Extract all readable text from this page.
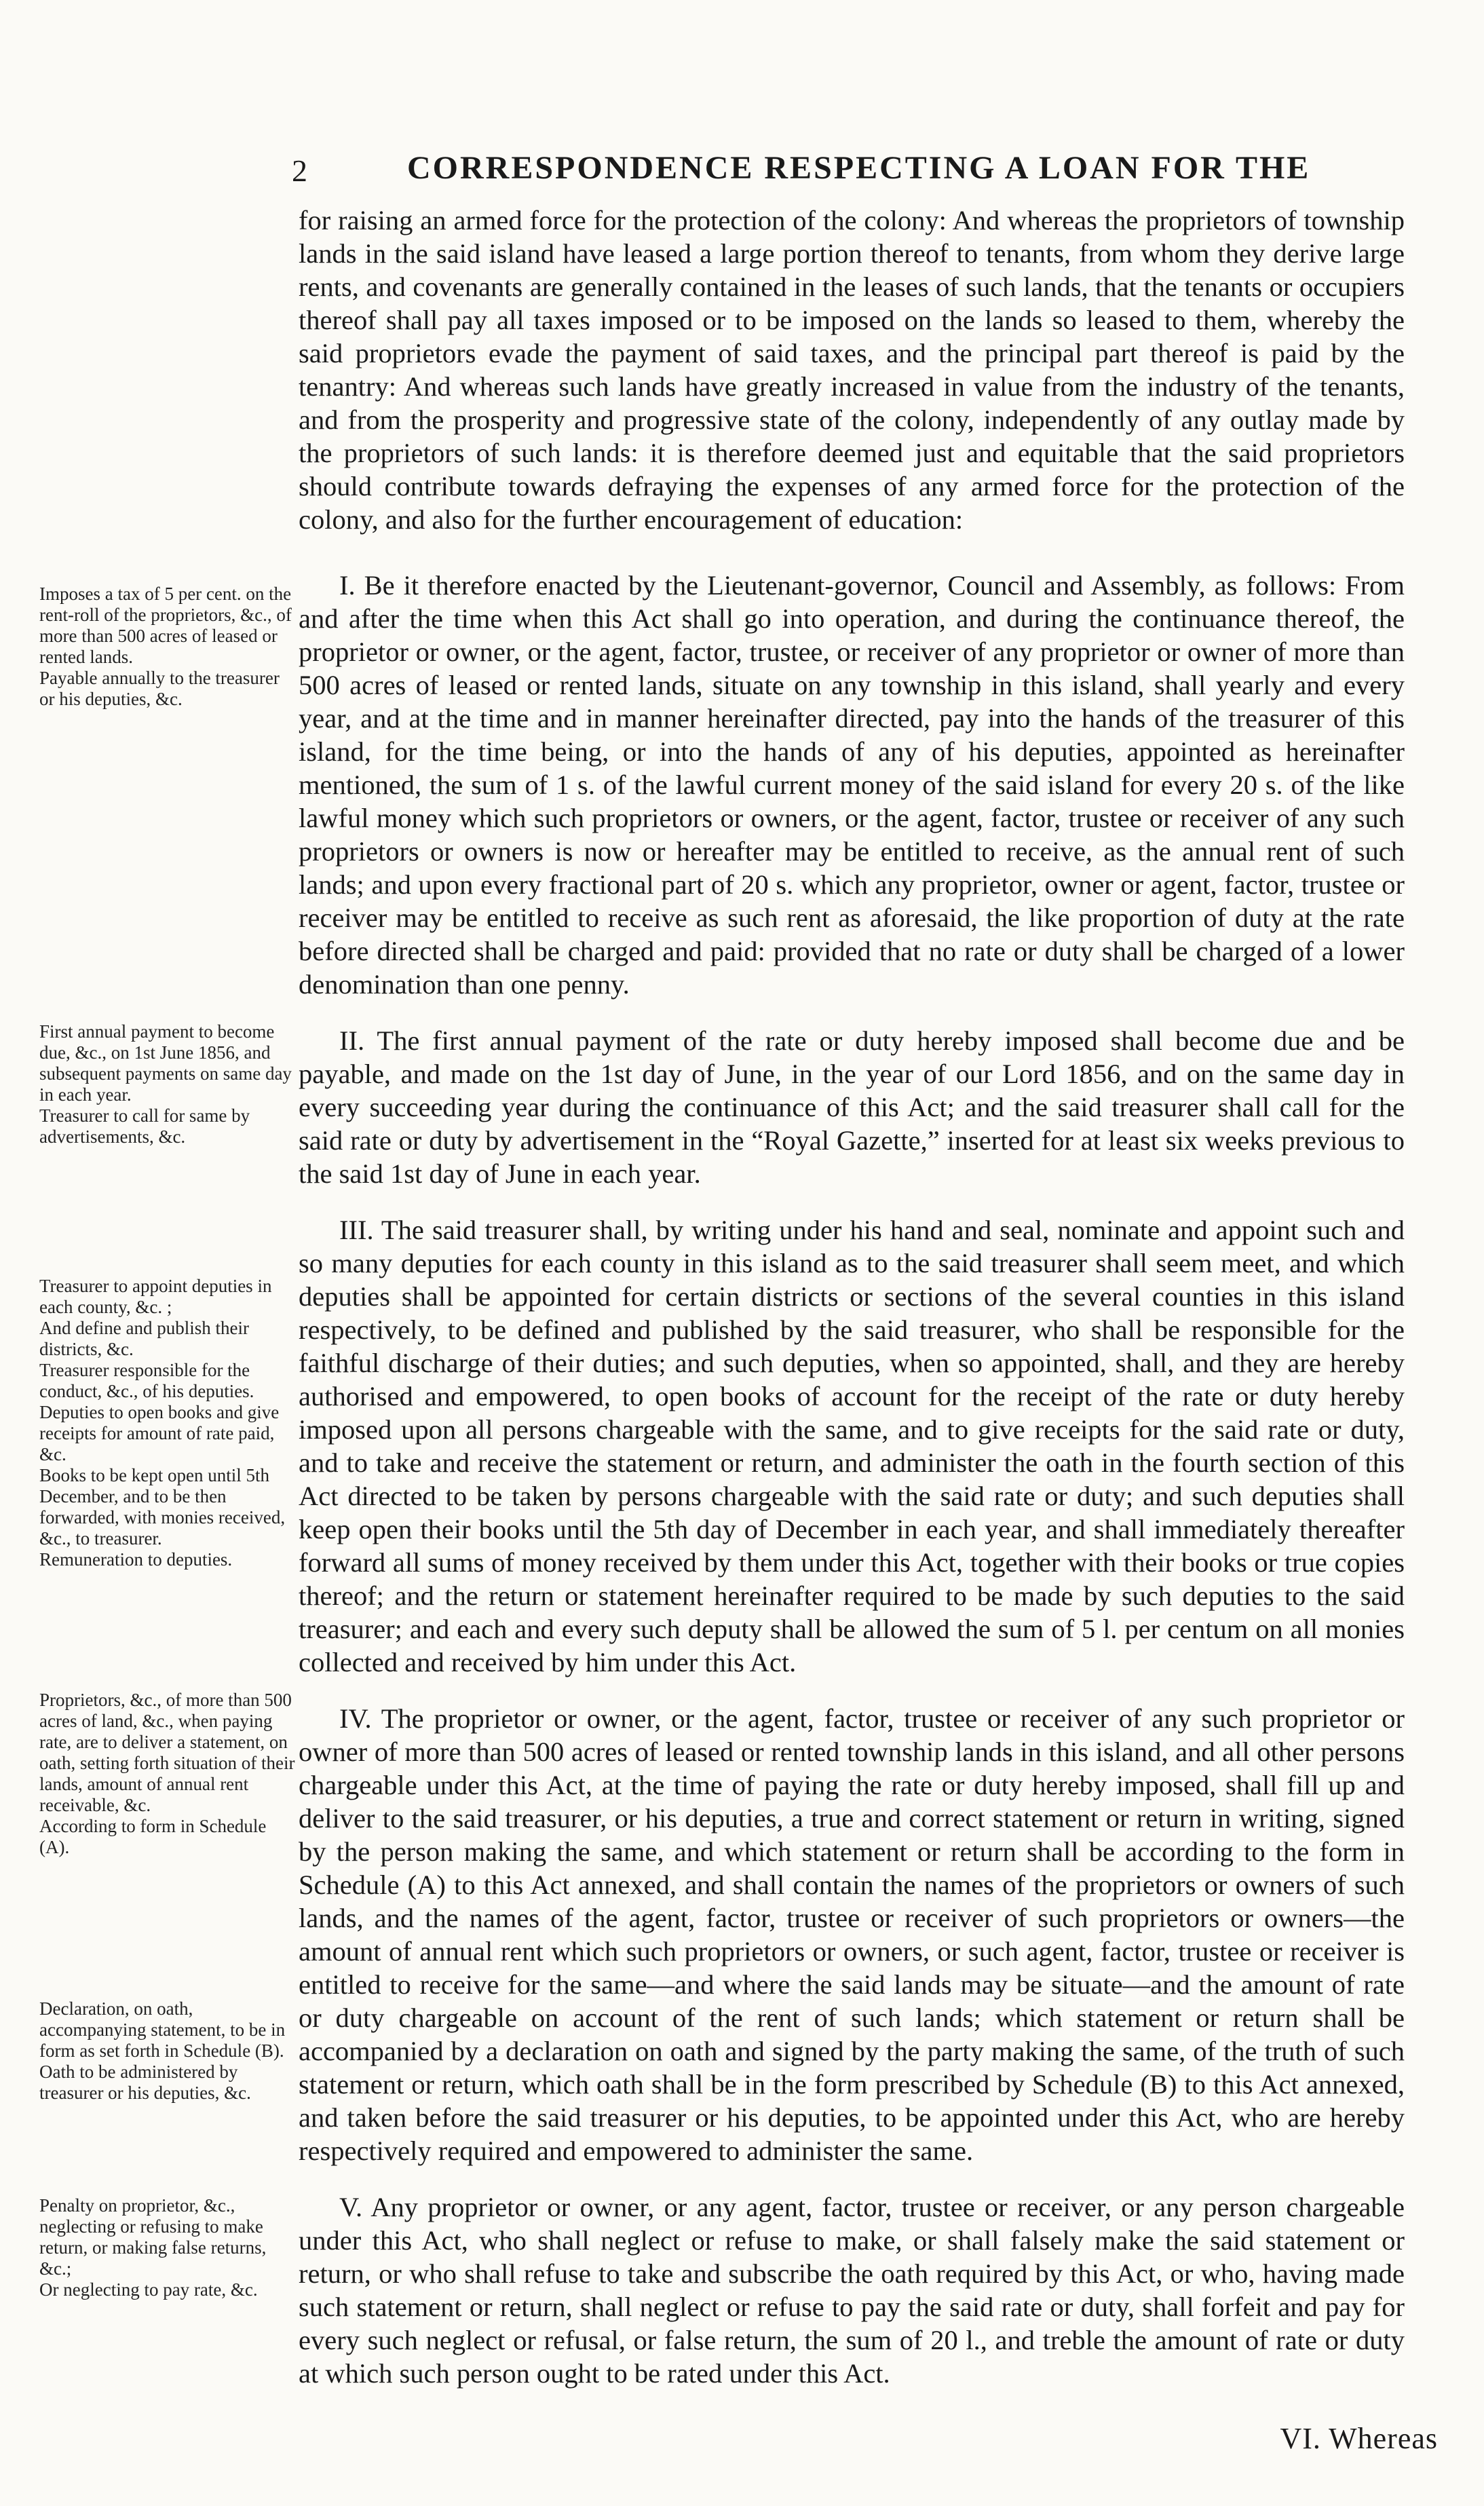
2	CORRESPONDENCE RESPECTING A LOAN FOR THE

for raising an armed force for the protection of the colony: And whereas the proprietors of township lands in the said island have leased a large portion thereof to tenants, from whom they derive large rents, and covenants are generally contained in the leases of such lands, that the tenants or occupiers thereof shall pay all taxes imposed or to be imposed on the lands so leased to them, whereby the said proprietors evade the payment of said taxes, and the principal part thereof is paid by the tenantry: And whereas such lands have greatly increased in value from the industry of the tenants, and from the prosperity and progressive state of the colony, independently of any outlay made by the proprietors of such lands: it is therefore deemed just and equitable that the said proprietors should contribute towards defraying the expenses of any armed force for the protection of the colony, and also for the further encouragement of education:

I. Be it therefore enacted by the Lieutenant-governor, Council and Assembly, as follows: From and after the time when this Act shall go into operation, and during the continuance thereof, the proprietor or owner, or the agent, factor, trustee, or receiver of any proprietor or owner of more than 500 acres of leased or rented lands, situate on any township in this island, shall yearly and every year, and at the time and in manner hereinafter directed, pay into the hands of the treasurer of this island, for the time being, or into the hands of any of his deputies, appointed as hereinafter mentioned, the sum of 1 s. of the lawful current money of the said island for every 20 s. of the like lawful money which such proprietors or owners, or the agent, factor, trustee or receiver of any such proprietors or owners is now or hereafter may be entitled to receive, as the annual rent of such lands; and upon every fractional part of 20 s. which any proprietor, owner or agent, factor, trustee or receiver may be entitled to receive as such rent as aforesaid, the like proportion of duty at the rate before directed shall be charged and paid: provided that no rate or duty shall be charged of a lower denomination than one penny.

II. The first annual payment of the rate or duty hereby imposed shall become due and be payable, and made on the 1st day of June, in the year of our Lord 1856, and on the same day in every succeeding year during the continuance of this Act; and the said treasurer shall call for the said rate or duty by advertisement in the “Royal Gazette,” inserted for at least six weeks previous to the said 1st day of June in each year.

III. The said treasurer shall, by writing under his hand and seal, nominate and appoint such and so many deputies for each county in this island as to the said treasurer shall seem meet, and which deputies shall be appointed for certain districts or sections of the several counties in this island respectively, to be defined and published by the said treasurer, who shall be responsible for the faithful discharge of their duties; and such deputies, when so appointed, shall, and they are hereby authorised and empowered, to open books of account for the receipt of the rate or duty hereby imposed upon all persons chargeable with the same, and to give receipts for the said rate or duty, and to take and receive the statement or return, and administer the oath in the fourth section of this Act directed to be taken by persons chargeable with the said rate or duty; and such deputies shall keep open their books until the 5th day of December in each year, and shall immediately thereafter forward all sums of money received by them under this Act, together with their books or true copies thereof; and the return or statement hereinafter required to be made by such deputies to the said treasurer; and each and every such deputy shall be allowed the sum of 5 l. per centum on all monies collected and received by him under this Act.

IV. The proprietor or owner, or the agent, factor, trustee or receiver of any such proprietor or owner of more than 500 acres of leased or rented township lands in this island, and all other persons chargeable under this Act, at the time of paying the rate or duty hereby imposed, shall fill up and deliver to the said treasurer, or his deputies, a true and correct statement or return in writing, signed by the person making the same, and which statement or return shall be according to the form in Schedule (A) to this Act annexed, and shall contain the names of the proprietors or owners of such lands, and the names of the agent, factor, trustee or receiver of such proprietors or owners—the amount of annual rent which such proprietors or owners, or such agent, factor, trustee or receiver is entitled to receive for the same—and where the said lands may be situate—and the amount of rate or duty chargeable on account of the rent of such lands; which statement or return shall be accompanied by a declaration on oath and signed by the party making the same, of the truth of such statement or return, which oath shall be in the form prescribed by Schedule (B) to this Act annexed, and taken before the said treasurer or his deputies, to be appointed under this Act, who are hereby respectively required and empowered to administer the same.

V. Any proprietor or owner, or any agent, factor, trustee or receiver, or any person chargeable under this Act, who shall neglect or refuse to make, or shall falsely make the said statement or return, or who shall refuse to take and subscribe the oath required by this Act, or who, having made such statement or return, shall neglect or refuse to pay the said rate or duty, shall forfeit and pay for every such neglect or refusal, or false return, the sum of 20 l., and treble the amount of rate or duty at which such person ought to be rated under this Act.

Imposes a tax of 5 per cent. on the rent-roll of the proprietors, &c., of more than 500 acres of leased or rented lands.

Payable annually to the treasurer or his deputies, &c.

First annual payment to become due, &c., on 1st June 1856, and subsequent payments on same day in each year.

Treasurer to call for same by advertisements, &c.

Treasurer to appoint deputies in each county, &c. ;

And define and publish their districts, &c.

Treasurer responsible for the conduct, &c., of his deputies.

Deputies to open books and give receipts for amount of rate paid, &c.

Books to be kept open until 5th December, and to be then forwarded, with monies received, &c., to treasurer.

Remuneration to deputies.

Proprietors, &c., of more than 500 acres of land, &c., when paying rate, are to deliver a statement, on oath, setting forth situation of their lands, amount of annual rent receivable, &c.

According to form in Schedule (A).

Declaration, on oath, accompanying statement, to be in form as set forth in Schedule (B).

Oath to be administered by treasurer or his deputies, &c.

Penalty on proprietor, &c., neglecting or refusing to make return, or making false returns, &c.;

Or neglecting to pay rate, &c.

VI. Whereas
